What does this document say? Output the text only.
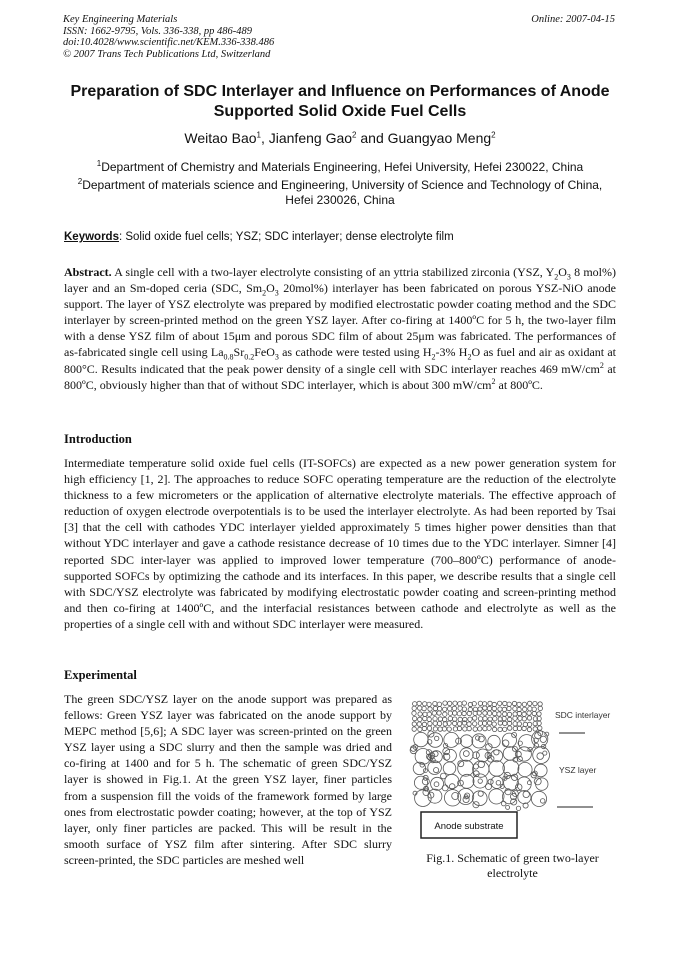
Key Engineering Materials
ISSN: 1662-9795, Vols. 336-338, pp 486-489
doi:10.4028/www.scientific.net/KEM.336-338.486
© 2007 Trans Tech Publications Ltd, Switzerland
Online: 2007-04-15
Preparation of SDC Interlayer and Influence on Performances of Anode Supported Solid Oxide Fuel Cells
Weitao Bao$^1$, Jianfeng Gao$^2$ and Guangyao Meng$^2$
$^1$Department of Chemistry and Materials Engineering, Hefei University, Hefei 230022, China
$^2$Department of materials science and Engineering, University of Science and Technology of China, Hefei 230026, China
Keywords: Solid oxide fuel cells; YSZ; SDC interlayer; dense electrolyte film
Abstract. A single cell with a two-layer electrolyte consisting of an yttria stabilized zirconia (YSZ, $Y_2O_3$ 8 mol%) layer and an Sm-doped ceria (SDC, $Sm_2O_3$ 20mol%) interlayer has been fabricated on porous YSZ-NiO anode support. The layer of YSZ electrolyte was prepared by modified electrostatic powder coating method and the SDC interlayer by screen-printed method on the green YSZ layer. After co-firing at 1400ºC for 5 h, the two-layer film with a dense YSZ film of about 15μm and porous SDC film of about 25μm was fabricated. The performances of as-fabricated single cell using $La_{0.8}Sr_{0.2}FeO_3$ as cathode were tested using $H_2-3\%$ $H_2O$ as fuel and air as oxidant at 800°C. Results indicated that the peak power density of a single cell with SDC interlayer reaches 469 $mW/cm^2$ at 800ºC, obviously higher than that of without SDC interlayer, which is about 300 $mW/cm^2$ at 800ºC.
Introduction
Intermediate temperature solid oxide fuel cells (IT-SOFCs) are expected as a new power generation system for high efficiency [1, 2]. The approaches to reduce SOFC operating temperature are the reduction of the electrolyte thickness to a few micrometers or the application of alternative electrolyte materials. The effective approach of reduction of oxygen electrode overpotentials is to be used the interlayer electrolyte. As had been reported by Tsai [3] that the cell with cathodes YDC interlayer yielded approximately 5 times higher power densities than that without YDC interlayer and gave a cathode resistance decrease of 10 times due to the YDC interlayer. Simner [4] reported SDC inter-layer was applied to improved lower temperature (700–800ºC) performance of anode-supported SOFCs by optimizing the cathode and its interfaces. In this paper, we describe results that a single cell with SDC/YSZ electrolyte was fabricated by modifying electrostatic powder coating and screen-printing method and then co-firing at 1400ºC, and the interfacial resistances between cathode and electrolyte as well as the properties of a single cell with and without SDC interlayer were measured.
Experimental
The green SDC/YSZ layer on the anode support was prepared as fellows: Green YSZ layer was fabricated on the anode support by MEPC method [5,6]; A SDC layer was screen-printed on the green YSZ layer using a SDC slurry and then the sample was dried and co-firing at 1400 and for 5 h. The schematic of green SDC/YSZ layer is showed in Fig.1. At the green YSZ layer, finer particles from a suspension fill the voids of the framework formed by large ones from electrostatic powder coating; however, at the top of YSZ layer, only finer particles are packed. This will be result in the smooth surface of YSZ film after sintering. After SDC slurry screen-printed, the SDC particles are meshed well
Anode substrate
SDC interlayer
YSZ layer
Fig.1. Schematic of green two-layer electrolyte
